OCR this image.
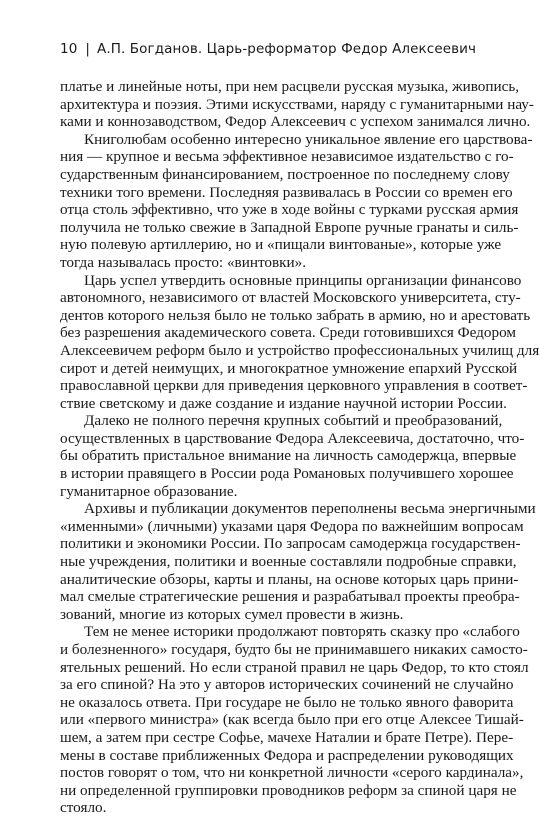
10 | А.П. Богданов. Царь-реформатор Федор Алексеевич
платье и линейные ноты, при нем расцвели русская музыка, живопись,
архитектура и поэзия. Этими искусствами, наряду с гуманитарными нау-
ками и коннозаводством, Федор Алексеевич с успехом занимался лично.
Книголюбам особенно интересно уникальное явление его царствова-
ния — крупное и весьма эффективное независимое издательство с го-
сударственным финансированием, построенное по последнему слову
техники того времени. Последняя развивалась в России со времен его
отца столь эффективно, что уже в ходе войны с турками русская армия
получила не только свежие в Западной Европе ручные гранаты и силь-
ную полевую артиллерию, но и «пищали винтованые», которые уже
тогда называлась просто: «винтовки».
Царь успел утвердить основные принципы организации финансово
автономного, независимого от властей Московского университета, сту-
дентов которого нельзя было не только забрать в армию, но и арестовать
без разрешения академического совета. Среди готовившихся Федором
Алексеевичем реформ было и устройство профессиональных училищ для
сирот и детей неимущих, и многократное умножение епархий Русской
православной церкви для приведения церковного управления в соответ-
ствие светскому и даже создание и издание научной истории России.
Далеко не полного перечня крупных событий и преобразований,
осуществленных в царствование Федора Алексеевича, достаточно, что-
бы обратить пристальное внимание на личность самодержца, впервые
в истории правящего в России рода Романовых получившего хорошее
гуманитарное образование.
Архивы и публикации документов переполнены весьма энергичными
«именными» (личными) указами царя Федора по важнейшим вопросам
политики и экономики России. По запросам самодержца государствен-
ные учреждения, политики и военные составляли подробные справки,
аналитические обзоры, карты и планы, на основе которых царь прини-
мал смелые стратегические решения и разрабатывал проекты преобра-
зований, многие из которых сумел провести в жизнь.
Тем не менее историки продолжают повторять сказку про «слабого
и болезненного» государя, будто бы не принимавшего никаких самосто-
ятельных решений. Но если страной правил не царь Федор, то кто стоял
за его спиной? На это у авторов исторических сочинений не случайно
не оказалось ответа. При государе не было не только явного фаворита
или «первого министра» (как всегда было при его отце Алексее Тишай-
шем, а затем при сестре Софье, мачехе Наталии и брате Петре). Пере-
мены в составе приближенных Федора и распределении руководящих
постов говорят о том, что ни конкретной личности «серого кардинала»,
ни определенной группировки проводников реформ за спиной царя не
стояло.
